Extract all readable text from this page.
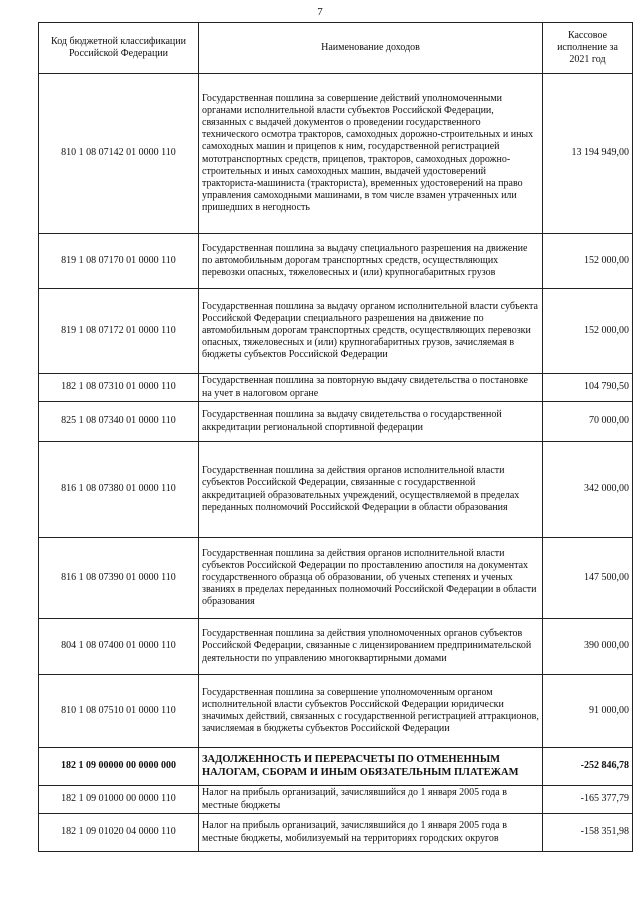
7
Код бюджетной классификации Российской Федерации	Наименование доходов	Кассовое исполнение за 2021 год
810 1 08 07142 01 0000 110	Государственная пошлина за совершение действий уполномоченными органами исполнительной власти субъектов Российской Федерации, связанных с выдачей документов о проведении государственного технического осмотра тракторов, самоходных дорожно-строительных и иных самоходных машин и прицепов к ним, государственной регистрацией мототранспортных средств, прицепов, тракторов, самоходных дорожно-строительных и иных самоходных машин, выдачей удостоверений тракториста-машиниста (тракториста), временных удостоверений на право управления самоходными машинами, в том числе взамен утраченных или пришедших в негодность	13 194 949,00
819 1 08 07170 01 0000 110	Государственная пошлина за выдачу специального разрешения на движение по автомобильным дорогам транспортных средств, осуществляющих перевозки опасных, тяжеловесных и (или) крупногабаритных грузов	152 000,00
819 1 08 07172 01 0000 110	Государственная пошлина за выдачу органом исполнительной власти субъекта Российской Федерации специального разрешения на движение по автомобильным дорогам транспортных средств, осуществляющих перевозки опасных, тяжеловесных и (или) крупногабаритных грузов, зачисляемая в бюджеты субъектов Российской Федерации	152 000,00
182 1 08 07310 01 0000 110	Государственная пошлина за повторную выдачу свидетельства о постановке на учет в налоговом органе	104 790,50
825 1 08 07340 01 0000 110	Государственная пошлина за выдачу свидетельства о государственной аккредитации региональной спортивной федерации	70 000,00
816 1 08 07380 01 0000 110	Государственная пошлина за действия органов исполнительной власти субъектов Российской Федерации, связанные с государственной аккредитацией образовательных учреждений, осуществляемой в пределах переданных полномочий Российской Федерации в области образования	342 000,00
816 1 08 07390 01 0000 110	Государственная пошлина за действия органов исполнительной власти субъектов Российской Федерации по проставлению апостиля на документах государственного образца об образовании, об ученых степенях и ученых званиях в пределах переданных полномочий Российской Федерации в области образования	147 500,00
804 1 08 07400 01 0000 110	Государственная пошлина за действия уполномоченных органов субъектов Российской Федерации, связанные с лицензированием предпринимательской деятельности по управлению многоквартирными домами	390 000,00
810 1 08 07510 01 0000 110	Государственная пошлина за совершение уполномоченным органом исполнительной власти субъектов Российской Федерации юридически значимых действий, связанных с государственной регистрацией аттракционов, зачисляемая в бюджеты субъектов Российской Федерации	91 000,00
182 1 09 00000 00 0000 000	ЗАДОЛЖЕННОСТЬ И ПЕРЕРАСЧЕТЫ ПО ОТМЕНЕННЫМ НАЛОГАМ, СБОРАМ И ИНЫМ ОБЯЗАТЕЛЬНЫМ ПЛАТЕЖАМ	-252 846,78
182 1 09 01000 00 0000 110	Налог на прибыль организаций, зачислявшийся до 1 января 2005 года в местные бюджеты	-165 377,79
182 1 09 01020 04 0000 110	Налог на прибыль организаций, зачислявшийся до 1 января 2005 года в местные бюджеты, мобилизуемый на территориях городских округов	-158 351,98
